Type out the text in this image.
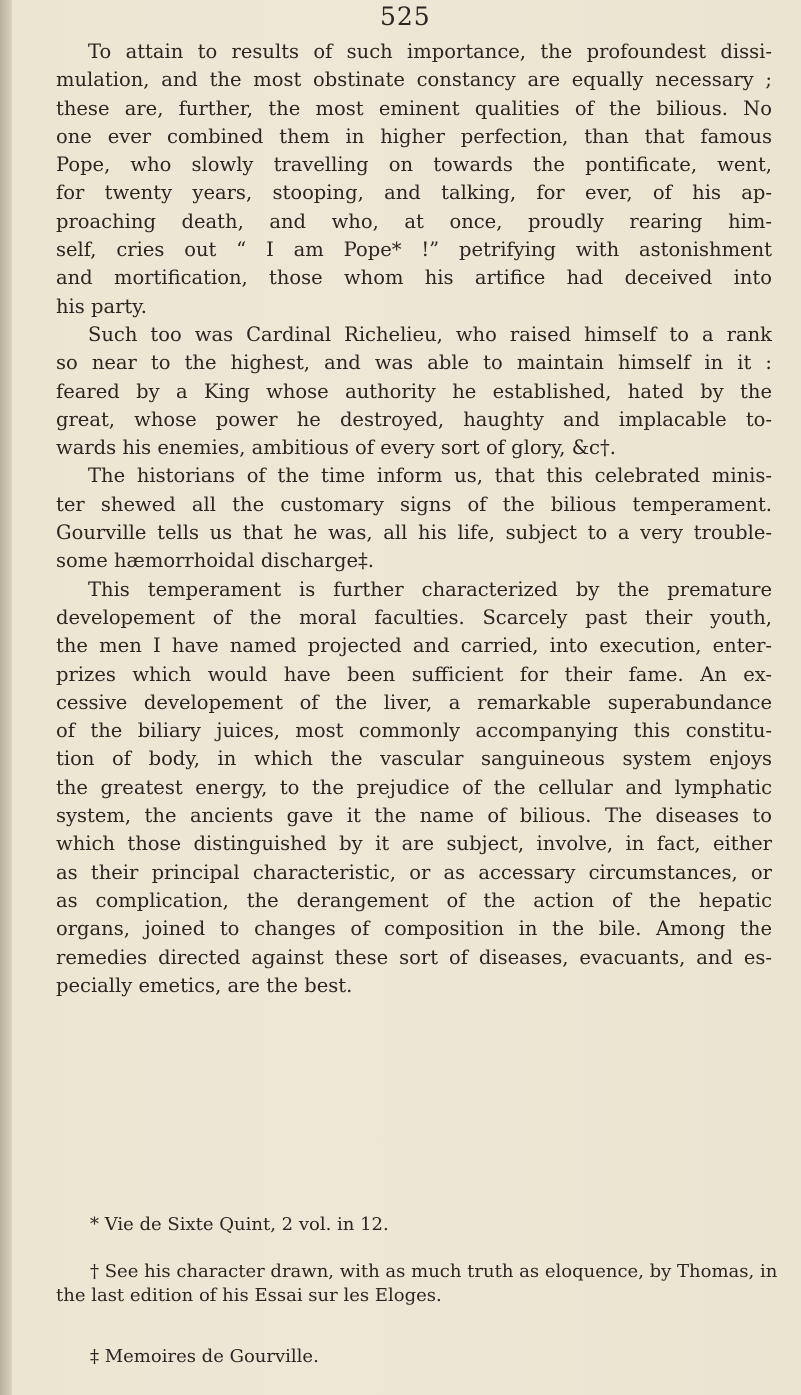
525
To attain to results of such importance, the profoundest dissi-
mulation, and the most obstinate constancy are equally necessary ;
these are, further, the most eminent qualities of the bilious. No
one ever combined them in higher perfection, than that famous
Pope, who slowly travelling on towards the pontificate, went,
for twenty years, stooping, and talking, for ever, of his ap-
proaching death, and who, at once, proudly rearing him-
self, cries out “ I am Pope* !” petrifying with astonishment
and mortification, those whom his artifice had deceived into
his party.
Such too was Cardinal Richelieu, who raised himself to a rank
so near to the highest, and was able to maintain himself in it :
feared by a King whose authority he established, hated by the
great, whose power he destroyed, haughty and implacable to-
wards his enemies, ambitious of every sort of glory, &c†.
The historians of the time inform us, that this celebrated minis-
ter shewed all the customary signs of the bilious temperament.
Gourville tells us that he was, all his life, subject to a very trouble-
some hæmorrhoidal discharge‡.
This temperament is further characterized by the premature
developement of the moral faculties. Scarcely past their youth,
the men I have named projected and carried, into execution, enter-
prizes which would have been sufficient for their fame. An ex-
cessive developement of the liver, a remarkable superabundance
of the biliary juices, most commonly accompanying this constitu-
tion of body, in which the vascular sanguineous system enjoys
the greatest energy, to the prejudice of the cellular and lymphatic
system, the ancients gave it the name of bilious. The diseases to
which those distinguished by it are subject, involve, in fact, either
as their principal characteristic, or as accessary circumstances, or
as complication, the derangement of the action of the hepatic
organs, joined to changes of composition in the bile. Among the
remedies directed against these sort of diseases, evacuants, and es-
pecially emetics, are the best.
* Vie de Sixte Quint, 2 vol. in 12.
† See his character drawn, with as much truth as eloquence, by Thomas, in
the last edition of his Essai sur les Eloges.
‡ Memoires de Gourville.
